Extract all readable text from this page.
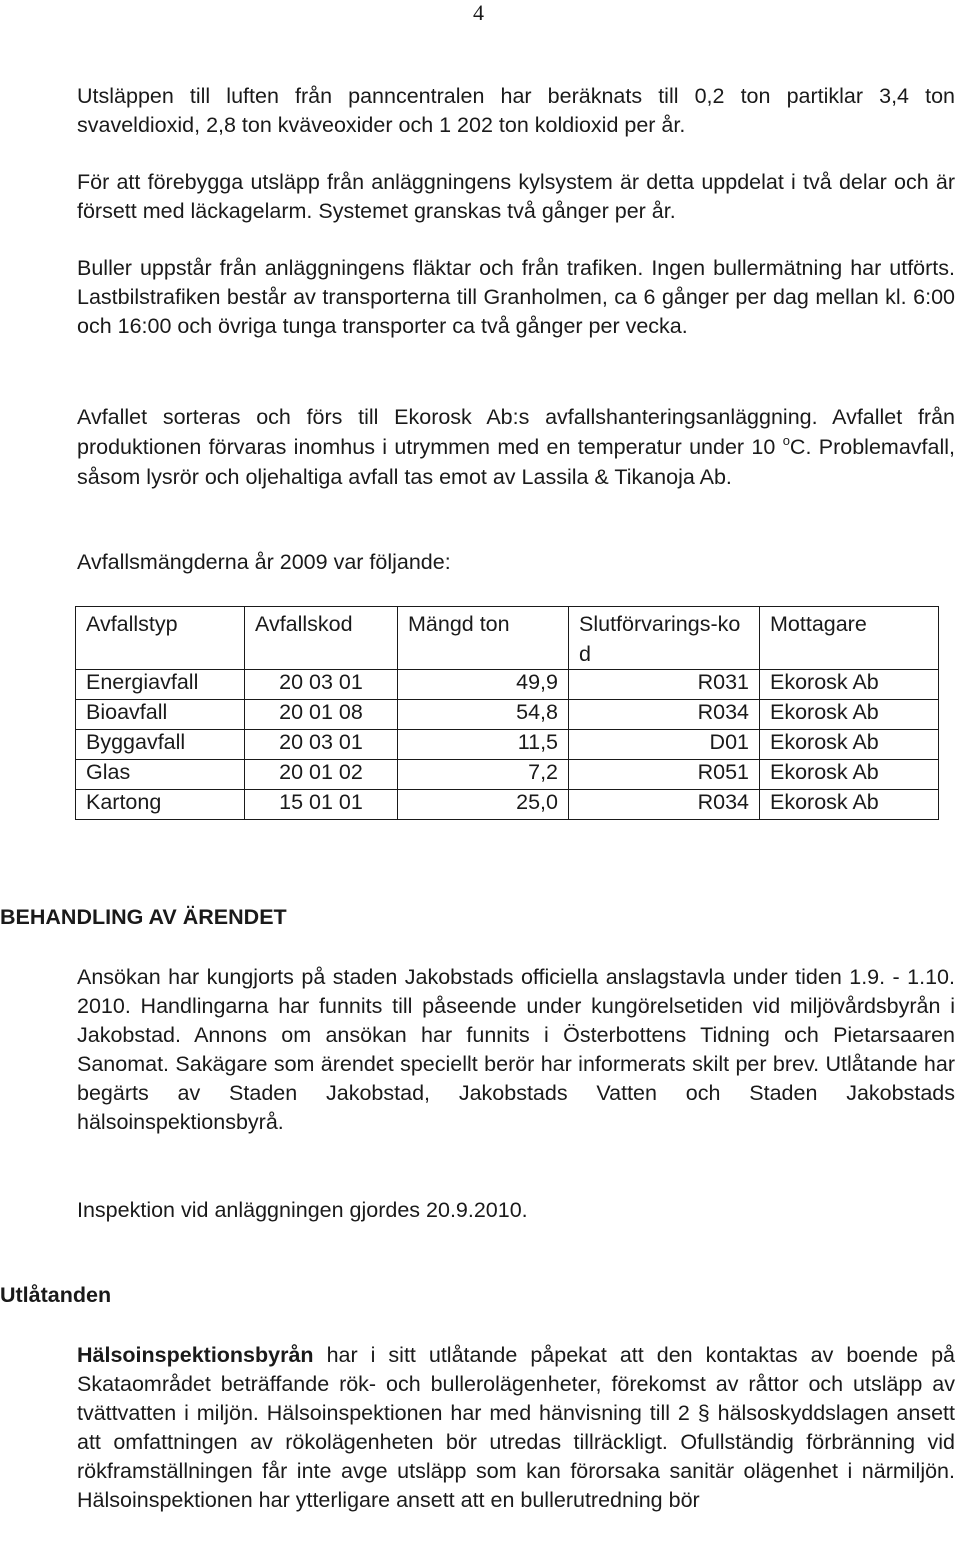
4

Utsläppen till luften från panncentralen har beräknats till 0,2 ton partiklar 3,4 ton svaveldioxid, 2,8 ton kväveoxider och 1 202 ton koldioxid per år.

För att förebygga utsläpp från anläggningens kylsystem är detta uppdelat i två delar och är försett med läckagelarm. Systemet granskas två gånger per år.

Buller uppstår från anläggningens fläktar och från trafiken. Ingen bullermätning har utförts. Lastbilstrafiken består av transporterna till Granholmen, ca 6 gånger per dag mellan kl. 6:00 och 16:00 och övriga tunga transporter ca två gånger per vecka.

Avfallet sorteras och förs till Ekorosk Ab:s avfallshanteringsanläggning. Avfallet från produktionen förvaras inomhus i utrymmen med en temperatur under 10 $^o$C. Problemavfall, såsom lysrör och oljehaltiga avfall tas emot av Lassila & Tikanoja Ab.

Avfallsmängderna år 2009 var följande:

Avfallstyp	Avfallskod	Mängd ton	Slutförvarings-kod	Mottagare
Energiavfall	20 03 01	49,9	R031	Ekorosk Ab
Bioavfall	20 01 08	54,8	R034	Ekorosk Ab
Byggavfall	20 03 01	11,5	D01	Ekorosk Ab
Glas	20 01 02	7,2	R051	Ekorosk Ab
Kartong	15 01 01	25,0	R034	Ekorosk Ab
BEHANDLING AV ÄRENDET

Ansökan har kungjorts på staden Jakobstads officiella anslagstavla under tiden 1.9. - 1.10. 2010. Handlingarna har funnits till påseende under kungörelsetiden vid miljövårdsbyrån i Jakobstad. Annons om ansökan har funnits i Österbottens Tidning och Pietarsaaren Sanomat. Sakägare som ärendet speciellt berör har informerats skilt per brev. Utlåtande har begärts av Staden Jakobstad, Jakobstads Vatten och Staden Jakobstads hälsoinspektionsbyrå.

Inspektion vid anläggningen gjordes 20.9.2010.

Utlåtanden

Hälsoinspektionsbyrån har i sitt utlåtande påpekat att den kontaktas av boende på Skataområdet beträffande rök- och bullerolägenheter, förekomst av råttor och utsläpp av tvättvatten i miljön. Hälsoinspektionen har med hänvisning till 2 § hälsoskyddslagen ansett att omfattningen av rökolägenheten bör utredas tillräckligt. Ofullständig förbränning vid rökframställningen får inte avge utsläpp som kan förorsaka sanitär olägenhet i närmiljön. Hälsoinspektionen har ytterligare ansett att en bullerutredning bör
